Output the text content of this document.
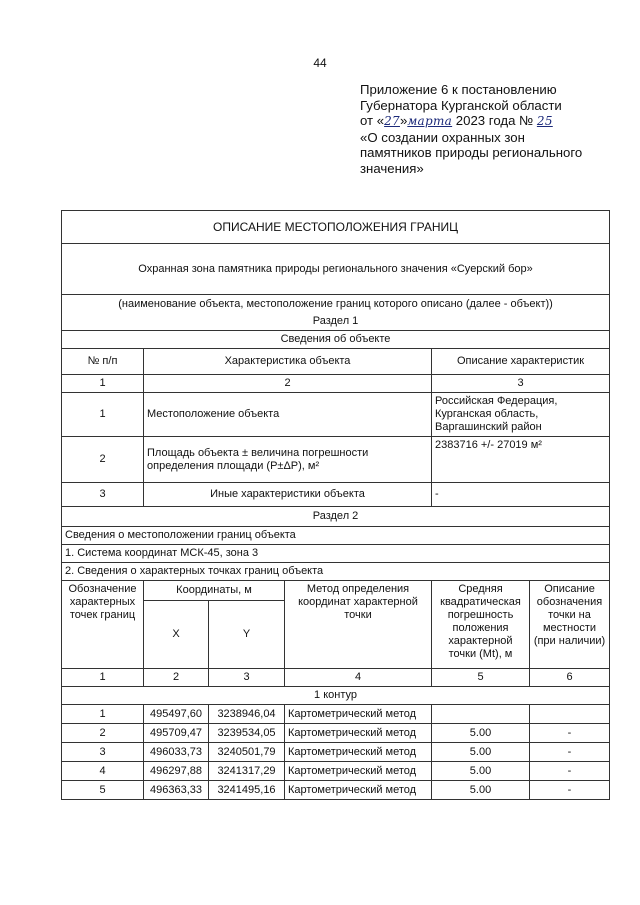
44
Приложение 6 к постановлению
Губернатора Курганской области
от «27»марта 2023 года № 25
«О создании охранных зон
памятников природы регионального
значения»
ОПИСАНИЕ МЕСТОПОЛОЖЕНИЯ ГРАНИЦ					
Охранная зона памятника природы регионального значения «Суерский бор»					
(наименование объекта, местоположение границ которого описано (далее - объект))					
Раздел 1					
Сведения об объекте					
№ п/п	Характеристика объекта			Описание характеристик	
1	2			3	
1	Местоположение объекта			Российская Федерация, Курганская область, Варгашинский район	
2	Площадь объекта ± величина погрешности определения площади (P±ΔP), м²			2383716 +/- 27019 м²	
3	Иные характеристики объекта			-	
Раздел 2					
Сведения о местоположении границ объекта					
1. Система координат МСК-45, зона 3					
2. Сведения о характерных точках границ объекта					
Обозначение характерных точек границ	Координаты, м		Метод определения координат характерной точки	Средняя квадратическая погрешность положения характерной точки (Mt), м	Описание обозначения точки на местности (при наличии)
	X	Y			
1	2	3	4	5	6
1 контур					
1	495497,60	3238946,04	Картометрический метод		
2	495709,47	3239534,05	Картометрический метод	5.00	-
3	496033,73	3240501,79	Картометрический метод	5.00	-
4	496297,88	3241317,29	Картометрический метод	5.00	-
5	496363,33	3241495,16	Картометрический метод	5.00	-
